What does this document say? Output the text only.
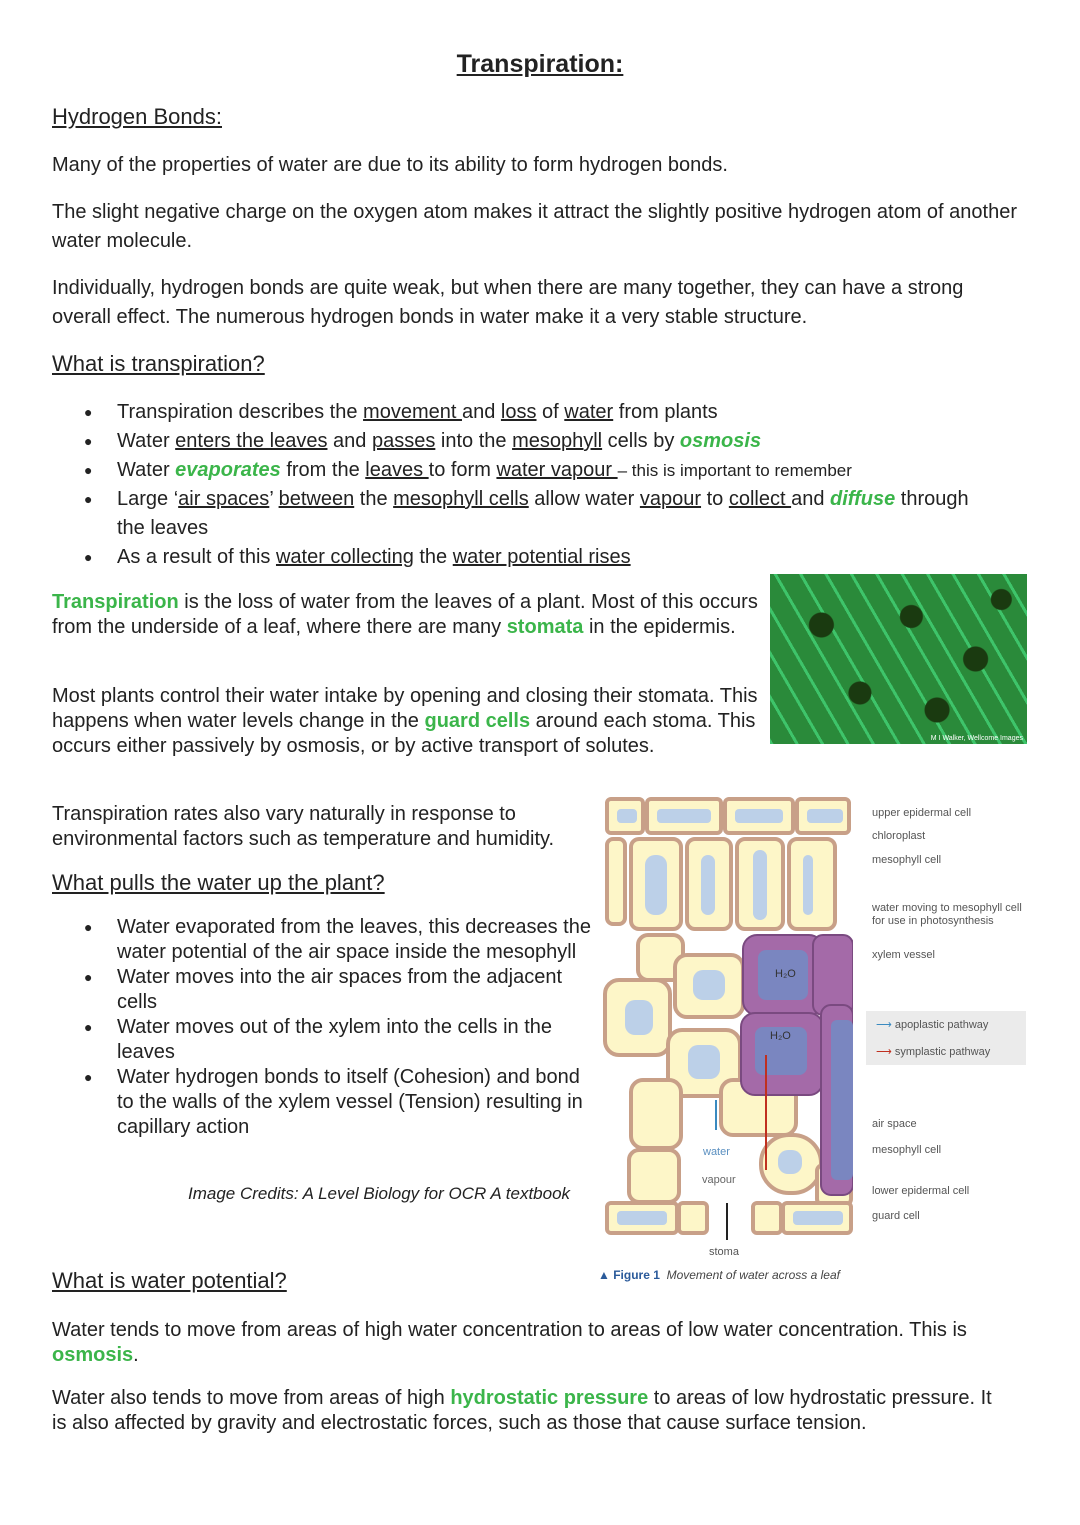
Transpiration:
Hydrogen Bonds:
Many of the properties of water are due to its ability to form hydrogen bonds.
The slight negative charge on the oxygen atom makes it attract the slightly positive hydrogen atom of another water molecule.
Individually, hydrogen bonds are quite weak, but when there are many together, they can have a strong overall effect. The numerous hydrogen bonds in water make it a very stable structure.
What is transpiration?
● Transpiration describes the movement and loss of water from plants
● Water enters the leaves and passes into the mesophyll cells by osmosis
● Water evaporates from the leaves to form water vapour – this is important to remember
● Large ‘air spaces’ between the mesophyll cells allow water vapour to collect and diffuse through the leaves
● As a result of this water collecting the water potential rises
Transpiration is the loss of water from the leaves of a plant. Most of this occurs from the underside of a leaf, where there are many stomata in the epidermis.
Most plants control their water intake by opening and closing their stomata. This happens when water levels change in the guard cells around each stoma. This occurs either passively by osmosis, or by active transport of solutes.	M I Walker, Wellcome Images
Transpiration rates also vary naturally in response to environmental factors such as temperature and humidity.
What pulls the water up the plant?
● Water evaporated from the leaves, this decreases the water potential of the air space inside the mesophyll
● Water moves into the air spaces from the adjacent cells
● Water moves out of the xylem into the cells in the leaves
● Water hydrogen bonds to itself (Cohesion) and bond to the walls of the xylem vessel (Tension) resulting in capillary action
Image Credits: A Level Biology for OCR A textbook
H₂O
H₂O
water
vapour
stoma
upper epidermal cell
chloroplast
mesophyll cell
water moving to mesophyll cell for use in photosynthesis
xylem vessel
⟶ apoplastic pathway
⟶ symplastic pathway
air space
mesophyll cell
lower epidermal cell
guard cell
▲ Figure 1 Movement of water across a leaf
What is water potential?
Water tends to move from areas of high water concentration to areas of low water concentration. This is osmosis.
Water also tends to move from areas of high hydrostatic pressure to areas of low hydrostatic pressure. It is also affected by gravity and electrostatic forces, such as those that cause surface tension.
